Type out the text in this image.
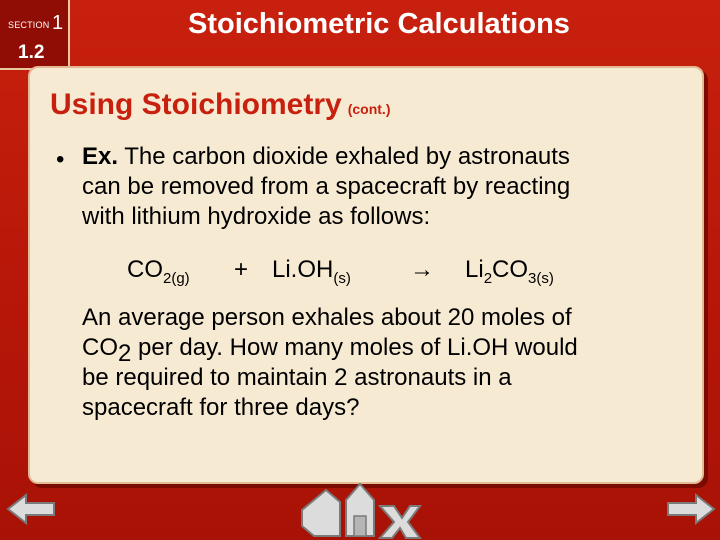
SECTION 1
1.2
Stoichiometric Calculations
Using Stoichiometry (cont.)
• Ex. The carbon dioxide exhaled by astronauts
can be removed from a spacecraft by reacting
with lithium hydroxide as follows:
$CO_{2(g)} + Li.OH_{(s)} \to Li_2CO_{3(s)}$
An average person exhales about 20 moles of
$CO_2$ per day. How many moles of Li.OH would
be required to maintain 2 astronauts in a
spacecraft for three days?
